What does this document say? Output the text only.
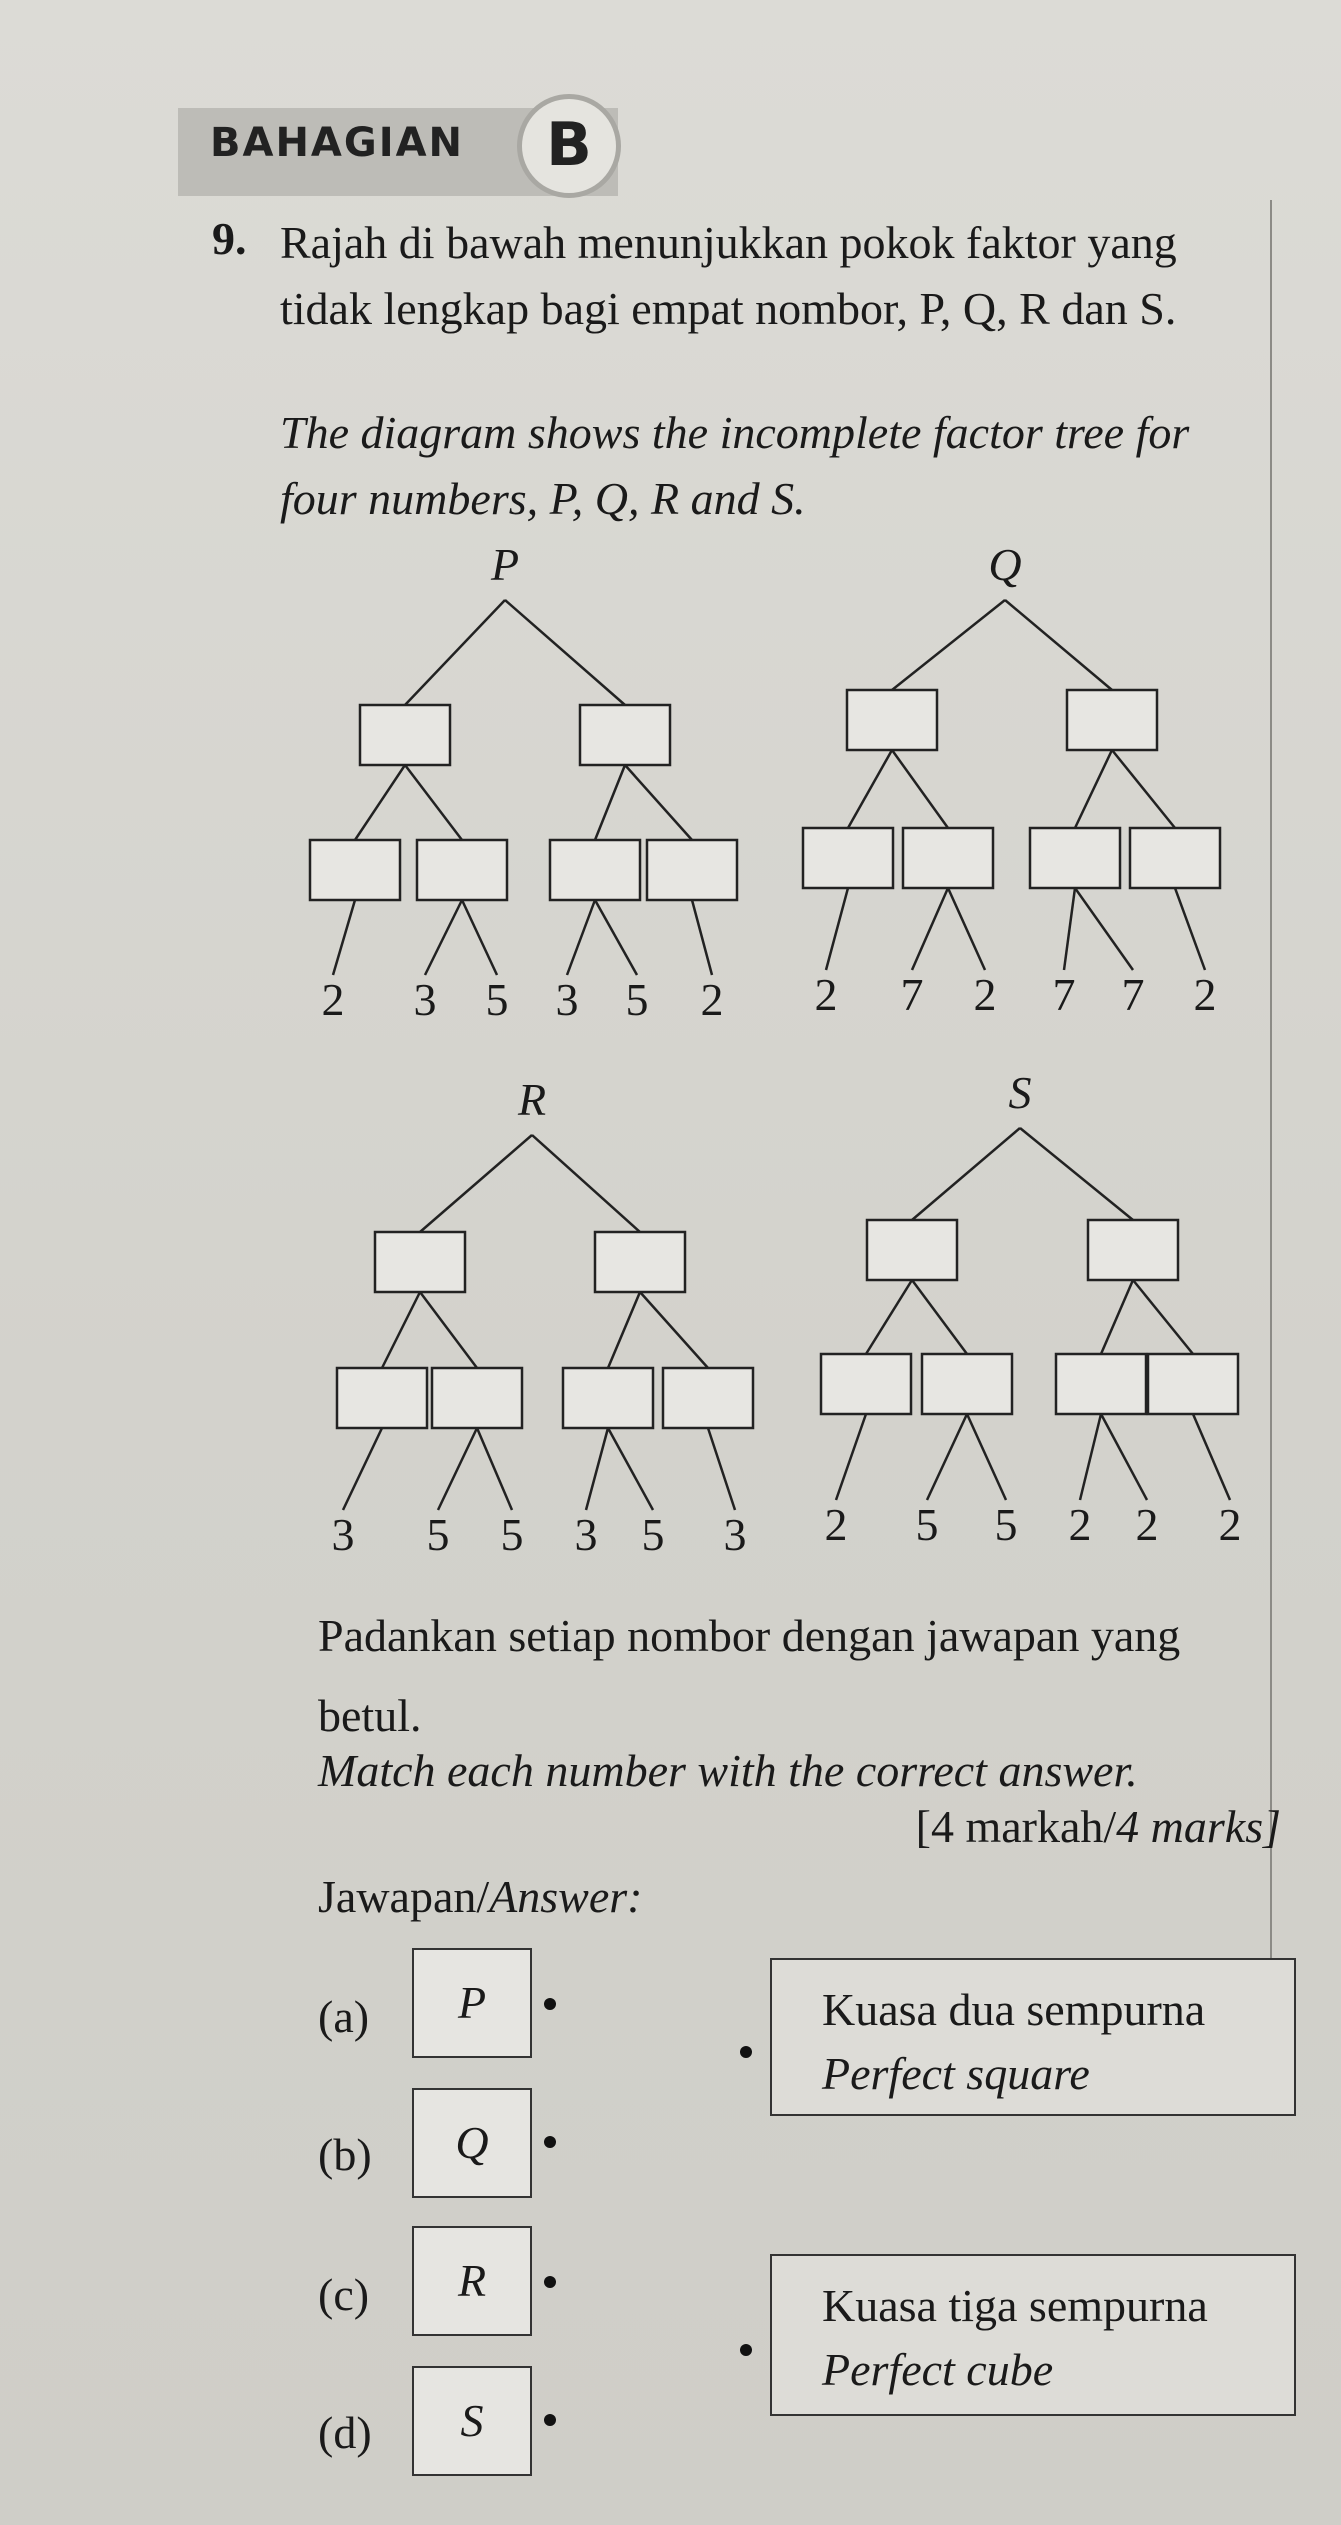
BAHAGIAN	B
9. Rajah di bawah menunjukkan pokok faktor yang tidak lengkap bagi empat nombor, P, Q, R dan S.
The diagram shows the incomplete factor tree for four numbers, P, Q, R and S.
P
2 3 5 3 5 2
Q
2 7 2 7 7 2
R
3 5 5 3 5 3
S
2 5 5 2 2 2
Padankan setiap nombor dengan jawapan yang betul.
Match each number with the correct answer.
[4 markah/4 marks]
Jawapan/Answer:
(a)	P
(b)	Q
(c)	R
(d)	S
Kuasa dua sempurna
Perfect square
Kuasa tiga sempurna
Perfect cube
